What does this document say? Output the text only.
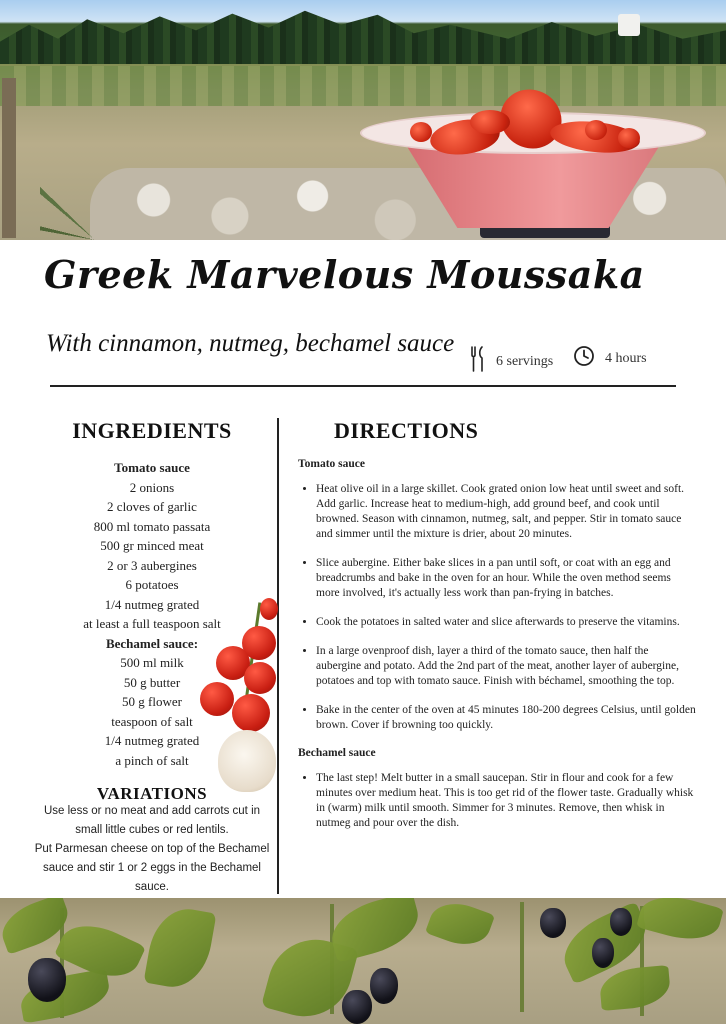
Greek Marvelous Moussaka

With cinnamon, nutmeg, bechamel sauce

6 servings	4 hours
INGREDIENTS
Tomato sauce
2 onions
2 cloves of garlic
800 ml tomato passata
500 gr minced meat
2 or 3 aubergines
6 potatoes
1/4 nutmeg grated
at least a full teaspoon salt
Bechamel sauce:
500 ml milk
50 g butter
50 g flower
teaspoon of salt
1/4 nutmeg grated
a pinch of salt
VARIATIONS

Use less or no meat and add carrots cut in small little cubes or red lentils.

Put Parmesan cheese on top of the Bechamel sauce and stir 1 or 2 eggs in the Bechamel sauce.

DIRECTIONS
Tomato sauce
• Heat olive oil in a large skillet. Cook grated onion low heat until sweet and soft. Add garlic. Increase heat to medium-high, add ground beef, and cook until browned. Season with cinnamon, nutmeg, salt, and pepper. Stir in tomato sauce and simmer until the mixture is drier, about 20 minutes.
• Slice aubergine. Either bake slices in a pan until soft, or coat with an egg and breadcrumbs and bake in the oven for an hour. While the oven method seems more involved, it's actually less work than pan-frying in batches.
• Cook the potatoes in salted water and slice afterwards to preserve the vitamins.
• In a large ovenproof dish, layer a third of the tomato sauce, then half the aubergine and potato. Add the 2nd part of the meat, another layer of aubergine, potatoes and top with tomato sauce. Finish with béchamel, smoothing the top.
• Bake in the center of the oven at 45 minutes 180-200 degrees Celsius, until golden brown. Cover if browning too quickly.
Bechamel sauce
• The last step! Melt butter in a small saucepan. Stir in flour and cook for a few minutes over medium heat. This is too get rid of the flower taste. Gradually whisk in (warm) milk until smooth. Simmer for 3 minutes. Remove, then whisk in nutmeg and pour over the dish.
